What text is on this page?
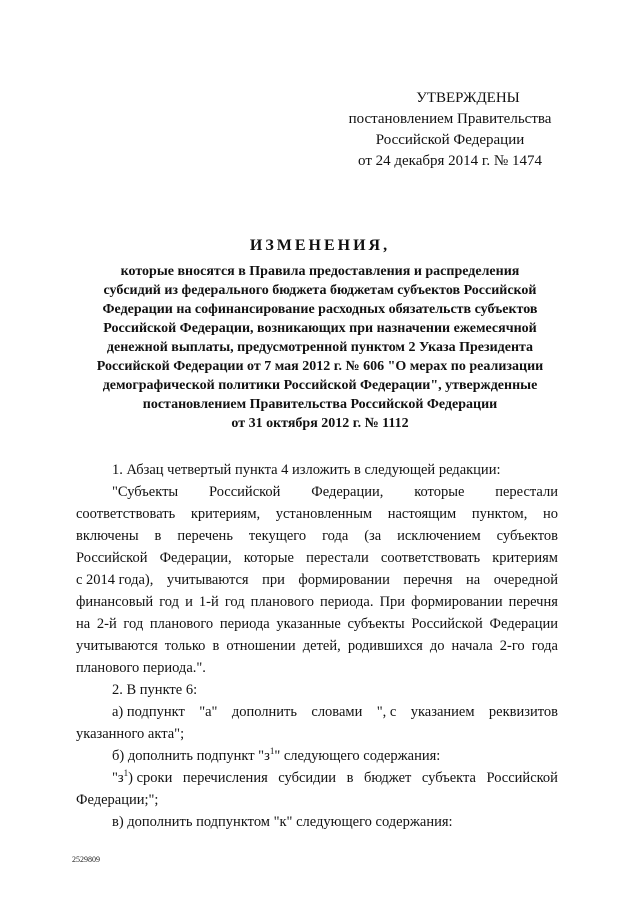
УТВЕРЖДЕНЫ
постановлением Правительства
Российской Федерации
от 24 декабря 2014 г. № 1474
ИЗМЕНЕНИЯ,
которые вносятся в Правила предоставления и распределения
субсидий из федерального бюджета бюджетам субъектов Российской
Федерации на софинансирование расходных обязательств субъектов
Российской Федерации, возникающих при назначении ежемесячной
денежной выплаты, предусмотренной пунктом 2 Указа Президента
Российской Федерации от 7 мая 2012 г. № 606 "О мерах по реализации
демографической политики Российской Федерации", утвержденные
постановлением Правительства Российской Федерации
от 31 октября 2012 г. № 1112
1. Абзац четвертый пункта 4 изложить в следующей редакции:
"Субъекты Российской Федерации, которые перестали
соответствовать критериям, установленным настоящим пунктом, но
включены в перечень текущего года (за исключением субъектов
Российской Федерации, которые перестали соответствовать критериям
с 2014 года), учитываются при формировании перечня на очередной
финансовый год и 1-й год планового периода. При формировании перечня
на 2-й год планового периода указанные субъекты Российской Федерации
учитываются только в отношении детей, родившихся до начала 2-го года
планового периода.".
2. В пункте 6:
а) подпункт "а" дополнить словами ", с указанием реквизитов
указанного акта";
б) дополнить подпункт "$з^1$" следующего содержания:
"$з^1$) сроки перечисления субсидии в бюджет субъекта Российской
Федерации;";
в) дополнить подпунктом "к" следующего содержания:
2529809
